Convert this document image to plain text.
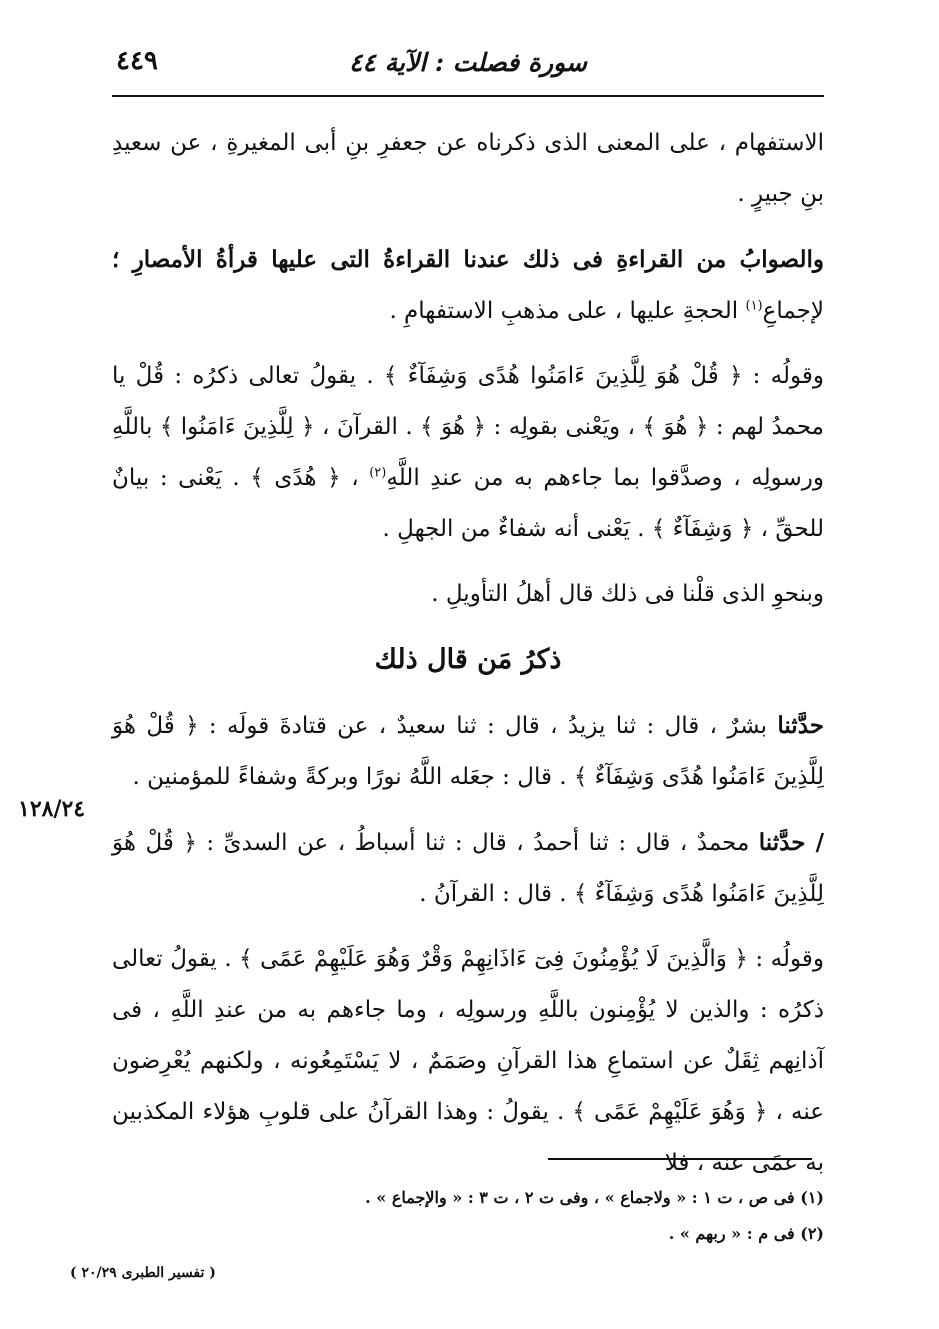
٤٤٩	سورة فصلت : الآية ٤٤

الاستفهام ، على المعنى الذى ذكرناه عن جعفرِ بنِ أبى المغيرةِ ، عن سعيدِ بنِ جبيرٍ .

والصوابُ من القراءةِ فى ذلك عندنا القراءةُ التى عليها قرأةُ الأمصارِ ؛ لإجماعِ$^{(١)}$ الحجةِ عليها ، على مذهبِ الاستفهامِ .

وقولُه : ﴿ قُلْ هُوَ لِلَّذِينَ ءَامَنُوا هُدًى وَشِفَآءٌ ﴾ . يقولُ تعالى ذكرُه : قُلْ يا محمدُ لهم : ﴿ هُوَ ﴾ ، ويَعْنى بقولِه : ﴿ هُوَ ﴾ . القرآنَ ، ﴿ لِلَّذِينَ ءَامَنُوا ﴾ باللَّهِ ورسولِه ، وصدَّقوا بما جاءهم به من عندِ اللَّهِ$^{(٢)}$ ، ﴿ هُدًى ﴾ . يَعْنى : بيانٌ للحقِّ ، ﴿ وَشِفَآءٌ ﴾ . يَعْنى أنه شفاءٌ من الجهلِ .

وبنحوِ الذى قلْنا فى ذلك قال أهلُ التأويلِ .

ذكرُ مَن قال ذلك

حدَّثنا بشرٌ ، قال : ثنا يزيدُ ، قال : ثنا سعيدٌ ، عن قتادةَ قولَه : ﴿ قُلْ هُوَ لِلَّذِينَ ءَامَنُوا هُدًى وَشِفَآءٌ ﴾ . قال : جعَله اللَّهُ نورًا وبركةً وشفاءً للمؤمنين .

/ حدَّثنا محمدٌ ، قال : ثنا أحمدُ ، قال : ثنا أسباطُ ، عن السدىِّ : ﴿ قُلْ هُوَ لِلَّذِينَ ءَامَنُوا هُدًى وَشِفَآءٌ ﴾ . قال : القرآنُ .

وقولُه : ﴿ وَالَّذِينَ لَا يُؤْمِنُونَ فِىٓ ءَاذَانِهِمْ وَقْرٌ وَهُوَ عَلَيْهِمْ عَمًى ﴾ . يقولُ تعالى ذكرُه : والذين لا يُؤْمِنون باللَّهِ ورسولِه ، وما جاءهم به من عندِ اللَّهِ ، فى آذانِهم ثِقَلٌ عن استماعِ هذا القرآنِ وصَمَمٌ ، لا يَسْتَمِعُونه ، ولكنهم يُعْرِضون عنه ، ﴿ وَهُوَ عَلَيْهِمْ عَمًى ﴾ . يقولُ : وهذا القرآنُ على قلوبِ هؤلاء المكذبين به عمًى عنه ، فلا

١٢٨/٢٤

(١) فى ص ، ت ١ : « ولاجماع » ، وفى ت ٢ ، ت ٣ : « والإجماع » .

(٢) فى م : « ربهم » .

( تفسير الطبرى ٢٠/٢٩ )
